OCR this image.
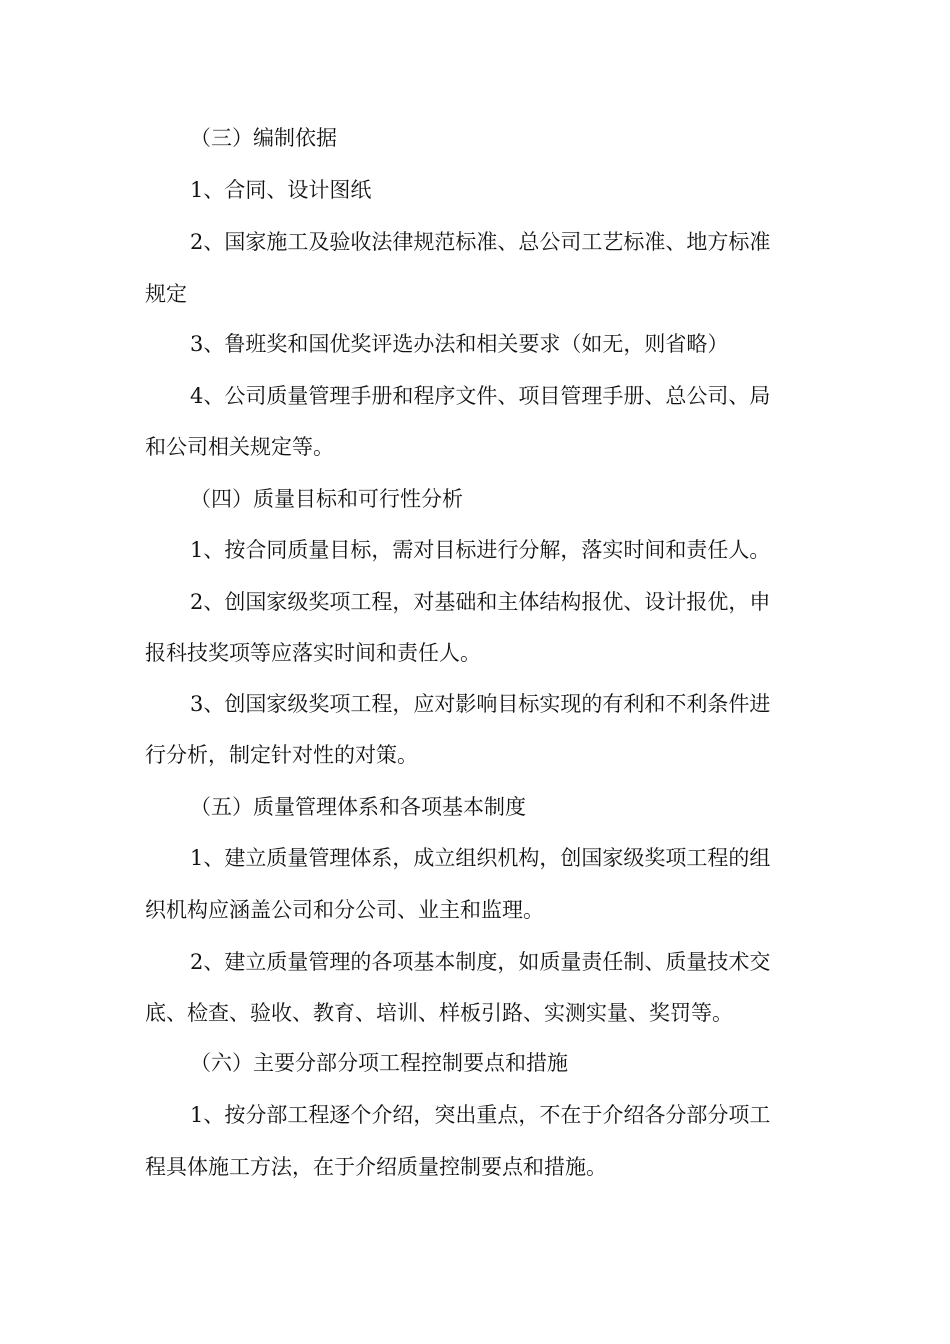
（三）编制依据
1、合同、设计图纸
2、国家施工及验收法律规范标准、总公司工艺标准、地方标准
规定
3、鲁班奖和国优奖评选办法和相关要求（如无，则省略）
4、公司质量管理手册和程序文件、项目管理手册、总公司、局
和公司相关规定等。
（四）质量目标和可行性分析
1、按合同质量目标，需对目标进行分解，落实时间和责任人。
2、创国家级奖项工程，对基础和主体结构报优、设计报优，申
报科技奖项等应落实时间和责任人。
3、创国家级奖项工程，应对影响目标实现的有利和不利条件进
行分析，制定针对性的对策。
（五）质量管理体系和各项基本制度
1、建立质量管理体系，成立组织机构，创国家级奖项工程的组
织机构应涵盖公司和分公司、业主和监理。
2、建立质量管理的各项基本制度，如质量责任制、质量技术交
底、检查、验收、教育、培训、样板引路、实测实量、奖罚等。
（六）主要分部分项工程控制要点和措施
1、按分部工程逐个介绍，突出重点，不在于介绍各分部分项工
程具体施工方法，在于介绍质量控制要点和措施。
